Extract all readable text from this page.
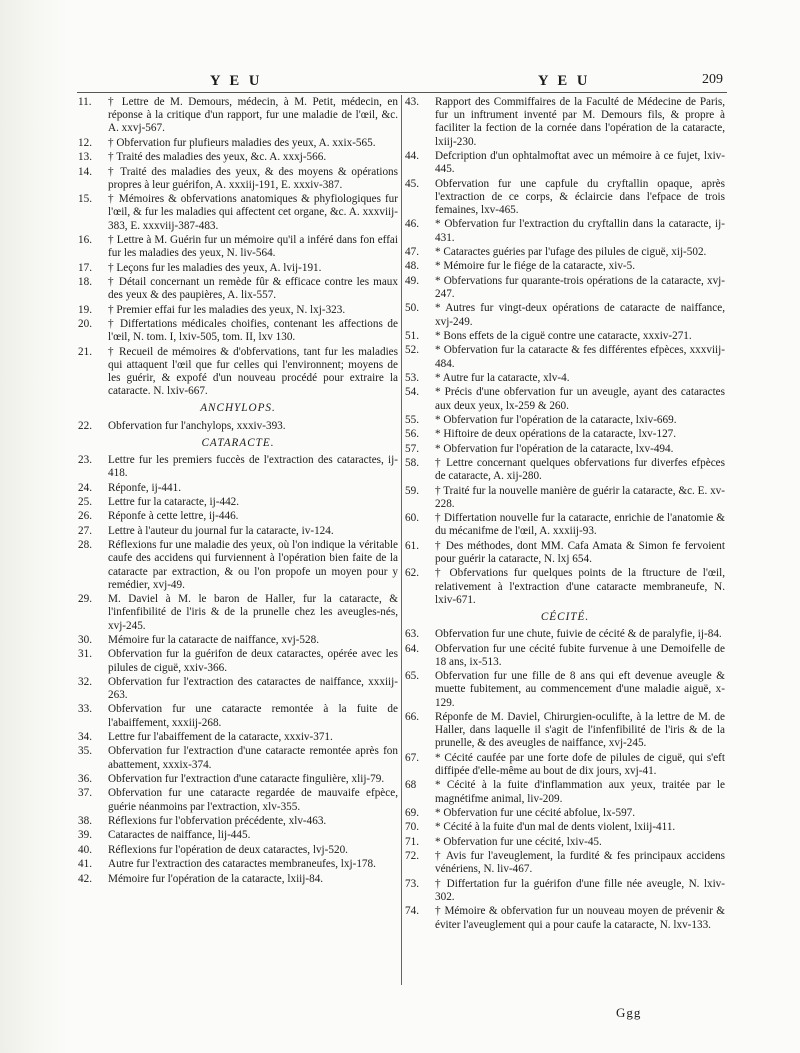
Y E U	Y E U	209

11.	† Lettre de M. Demours, médecin, à M. Petit, médecin, en réponse à la critique d'un rapport, fur une maladie de l'œil, &c. A. xxvj-567.

12.	† Obfervation fur plufieurs maladies des yeux, A. xxix-565.

13.	† Traité des maladies des yeux, &c. A. xxxj-566.

14.	† Traité des maladies des yeux, & des moyens & opérations propres à leur guérifon, A. xxxiij-191, E. xxxiv-387.

15.	† Mémoires & obfervations anatomiques & phyfiologiques fur l'œil, & fur les maladies qui affectent cet organe, &c. A. xxxviij-383, E. xxxviij-387-483.

16.	† Lettre à M. Guérin fur un mémoire qu'il a inféré dans fon effai fur les maladies des yeux, N. liv-564.

17.	† Leçons fur les maladies des yeux, A. lvij-191.

18.	† Détail concernant un remède fûr & efficace contre les maux des yeux & des paupières, A. lix-557.

19.	† Premier effai fur les maladies des yeux, N. lxj-323.

20.	† Differtations médicales choifies, contenant les affections de l'œil, N. tom. I, lxiv-505, tom. II, lxv 130.

21.	† Recueil de mémoires & d'obfervations, tant fur les maladies qui attaquent l'œil que fur celles qui l'environnent; moyens de les guérir, & expofé d'un nouveau procédé pour extraire la cataracte. N. lxiv-667.

ANCHYLOPS.

22.	Obfervation fur l'anchylops, xxxiv-393.

CATARACTE.

23.	Lettre fur les premiers fuccès de l'extraction des cataractes, ij-418.

24.	Réponfe, ij-441.

25.	Lettre fur la cataracte, ij-442.

26.	Réponfe à cette lettre, ij-446.

27.	Lettre à l'auteur du journal fur la cataracte, iv-124.

28.	Réflexions fur une maladie des yeux, où l'on indique la véritable caufe des accidens qui furviennent à l'opération bien faite de la cataracte par extraction, & ou l'on propofe un moyen pour y remédier, xvj-49.

29.	M. Daviel à M. le baron de Haller, fur la cataracte, & l'infenfibilité de l'iris & de la prunelle chez les aveugles-nés, xvj-245.

30.	Mémoire fur la cataracte de naiffance, xvj-528.

31.	Obfervation fur la guérifon de deux cataractes, opérée avec les pilules de ciguë, xxiv-366.

32.	Obfervation fur l'extraction des cataractes de naiffance, xxxiij-263.

33.	Obfervation fur une cataracte remontée à la fuite de l'abaiffement, xxxiij-268.

34.	Lettre fur l'abaiffement de la cataracte, xxxiv-371.

35.	Obfervation fur l'extraction d'une cataracte remontée après fon abattement, xxxix-374.

36.	Obfervation fur l'extraction d'une cataracte fingulière, xlij-79.

37.	Obfervation fur une cataracte regardée de mauvaife efpèce, guérie néanmoins par l'extraction, xlv-355.

38.	Réflexions fur l'obfervation précédente, xlv-463.

39.	Cataractes de naiffance, lij-445.

40.	Réflexions fur l'opération de deux cataractes, lvj-520.

41.	Autre fur l'extraction des cataractes membraneufes, lxj-178.

42.	Mémoire fur l'opération de la cataracte, lxiij-84.

43.	Rapport des Commiffaires de la Faculté de Médecine de Paris, fur un inftrument inventé par M. Demours fils, & propre à faciliter la fection de la cornée dans l'opération de la cataracte, lxiij-230.

44.	Defcription d'un ophtalmoftat avec un mémoire à ce fujet, lxiv-445.

45.	Obfervation fur une capfule du cryftallin opaque, après l'extraction de ce corps, & éclaircie dans l'efpace de trois femaines, lxv-465.

46.	* Obfervation fur l'extraction du cryftallin dans la cataracte, ij-431.

47.	* Cataractes guéries par l'ufage des pilules de ciguë, xij-502.

48.	* Mémoire fur le fiége de la cataracte, xiv-5.

49.	* Obfervations fur quarante-trois opérations de la cataracte, xvj-247.

50.	* Autres fur vingt-deux opérations de cataracte de naiffance, xvj-249.

51.	* Bons effets de la ciguë contre une cataracte, xxxiv-271.

52.	* Obfervation fur la cataracte & fes différentes efpèces, xxxviij-484.

53.	* Autre fur la cataracte, xlv-4.

54.	* Précis d'une obfervation fur un aveugle, ayant des cataractes aux deux yeux, lx-259 & 260.

55.	* Obfervation fur l'opération de la cataracte, lxiv-669.

56.	* Hiftoire de deux opérations de la cataracte, lxv-127.

57.	* Obfervation fur l'opération de la cataracte, lxv-494.

58.	† Lettre concernant quelques obfervations fur diverfes efpèces de cataracte, A. xij-280.

59.	† Traité fur la nouvelle manière de guérir la cataracte, &c. E. xv-228.

60.	† Differtation nouvelle fur la cataracte, enrichie de l'anatomie & du mécanifme de l'œil, A. xxxiij-93.

61.	† Des méthodes, dont MM. Cafa Amata & Simon fe fervoient pour guérir la cataracte, N. lxj 654.

62.	† Obfervations fur quelques points de la ftructure de l'œil, relativement à l'extraction d'une cataracte membraneufe, N. lxiv-671.

CÉCITÉ.

63.	Obfervation fur une chute, fuivie de cécité & de paralyfie, ij-84.

64.	Obfervation fur une cécité fubite furvenue à une Demoifelle de 18 ans, ix-513.

65.	Obfervation fur une fille de 8 ans qui eft devenue aveugle & muette fubitement, au commencement d'une maladie aiguë, x-129.

66.	Réponfe de M. Daviel, Chirurgien-oculifte, à la lettre de M. de Haller, dans laquelle il s'agit de l'infenfibilité de l'iris & de la prunelle, & des aveugles de naiffance, xvj-245.

67.	* Cécité caufée par une forte dofe de pilules de ciguë, qui s'eft diffipée d'elle-même au bout de dix jours, xvj-41.

68	* Cécité à la fuite d'inflammation aux yeux, traitée par le magnétifme animal, liv-209.

69.	* Obfervation fur une cécité abfolue, lx-597.

70.	* Cécité à la fuite d'un mal de dents violent, lxiij-411.

71.	* Obfervation fur une cécité, lxiv-45.

72.	† Avis fur l'aveuglement, la furdité & fes principaux accidens vénériens, N. liv-467.

73.	† Differtation fur la guérifon d'une fille née aveugle, N. lxiv-302.

74.	† Mémoire & obfervation fur un nouveau moyen de prévenir & éviter l'aveuglement qui a pour caufe la cataracte, N. lxv-133.

Ggg
